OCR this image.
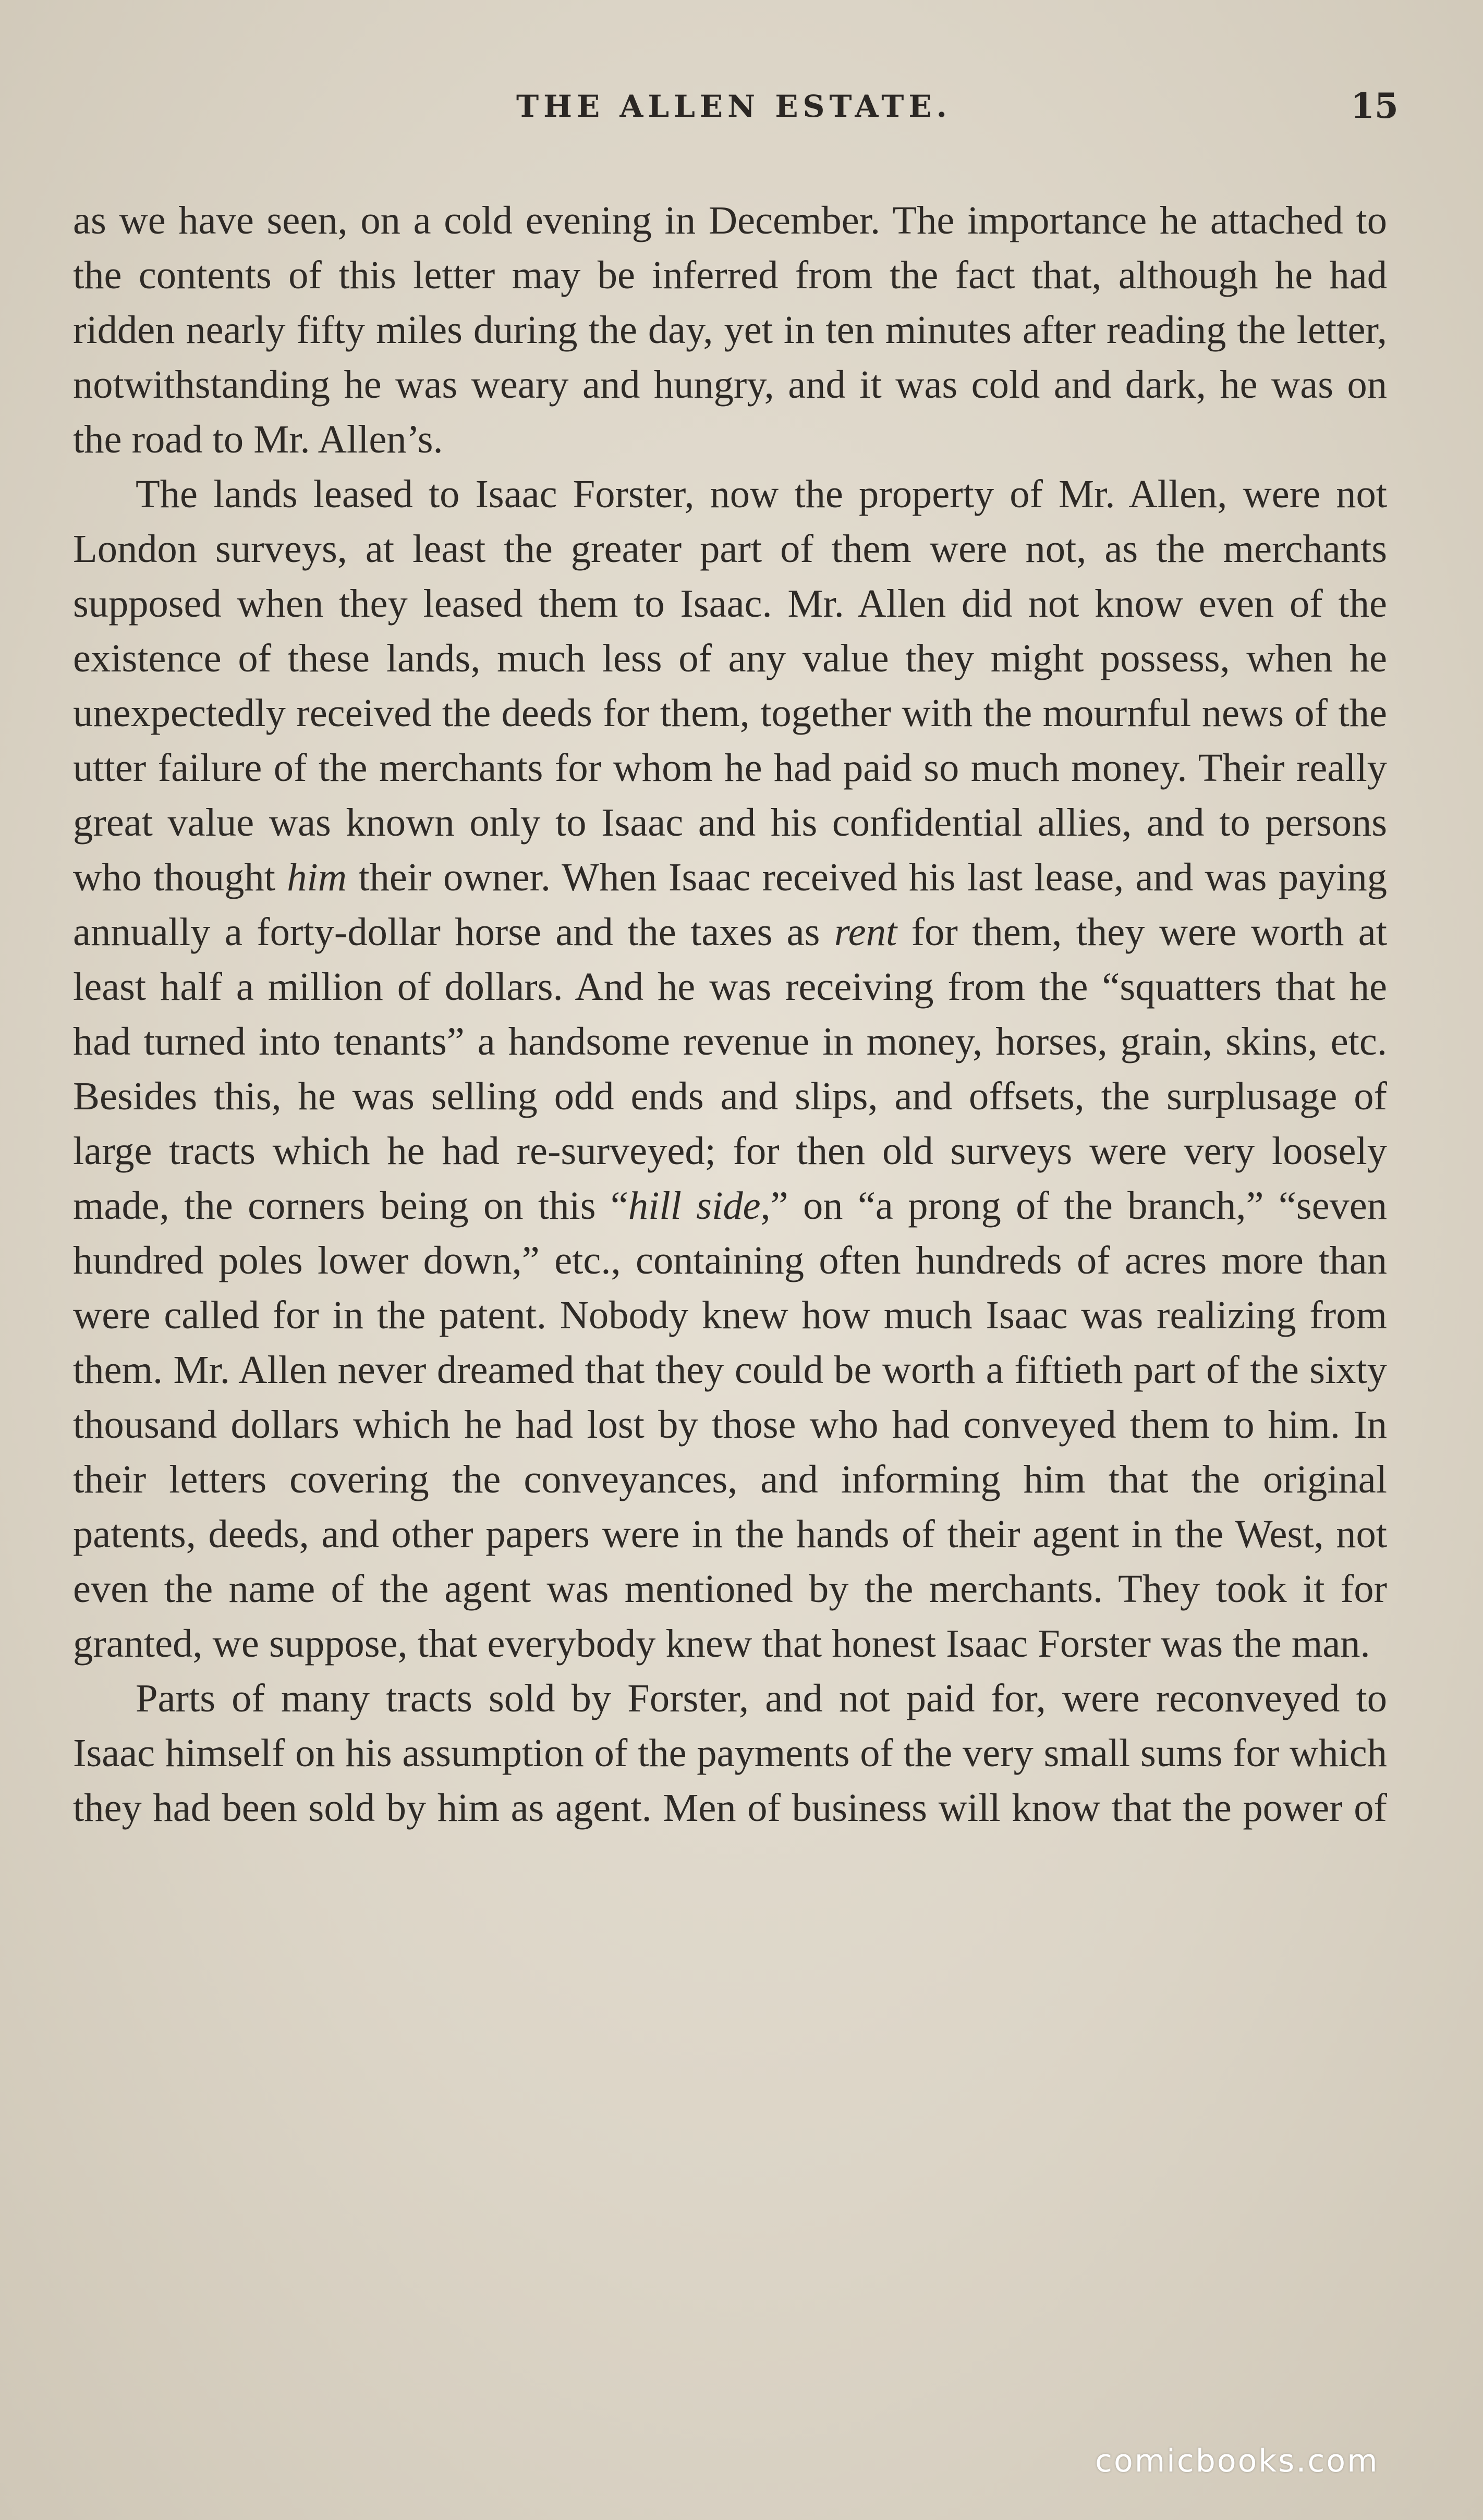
THE ALLEN ESTATE.	15

as we have seen, on a cold evening in December. The importance he attached to the contents of this letter may be inferred from the fact that, although he had ridden nearly fifty miles during the day, yet in ten minutes after reading the letter, notwithstanding he was weary and hungry, and it was cold and dark, he was on the road to Mr. Allen’s.

The lands leased to Isaac Forster, now the property of Mr. Allen, were not London surveys, at least the greater part of them were not, as the merchants supposed when they leased them to Isaac. Mr. Allen did not know even of the existence of these lands, much less of any value they might possess, when he unexpectedly received the deeds for them, together with the mournful news of the utter failure of the merchants for whom he had paid so much money. Their really great value was known only to Isaac and his confidential allies, and to persons who thought him their owner. When Isaac received his last lease, and was paying annually a forty-dollar horse and the taxes as rent for them, they were worth at least half a million of dollars. And he was receiving from the “squatters that he had turned into tenants” a handsome revenue in money, horses, grain, skins, etc. Besides this, he was selling odd ends and slips, and offsets, the surplusage of large tracts which he had re-surveyed; for then old surveys were very loosely made, the corners being on this “hill side,” on “a prong of the branch,” “seven hundred poles lower down,” etc., containing often hundreds of acres more than were called for in the patent. Nobody knew how much Isaac was realizing from them. Mr. Allen never dreamed that they could be worth a fiftieth part of the sixty thousand dollars which he had lost by those who had conveyed them to him. In their letters covering the conveyances, and informing him that the original patents, deeds, and other papers were in the hands of their agent in the West, not even the name of the agent was mentioned by the merchants. They took it for granted, we suppose, that everybody knew that honest Isaac Forster was the man.

Parts of many tracts sold by Forster, and not paid for, were reconveyed to Isaac himself on his assumption of the payments of the very small sums for which they had been sold by him as agent. Men of business will know that the power of

comicbooks.com
